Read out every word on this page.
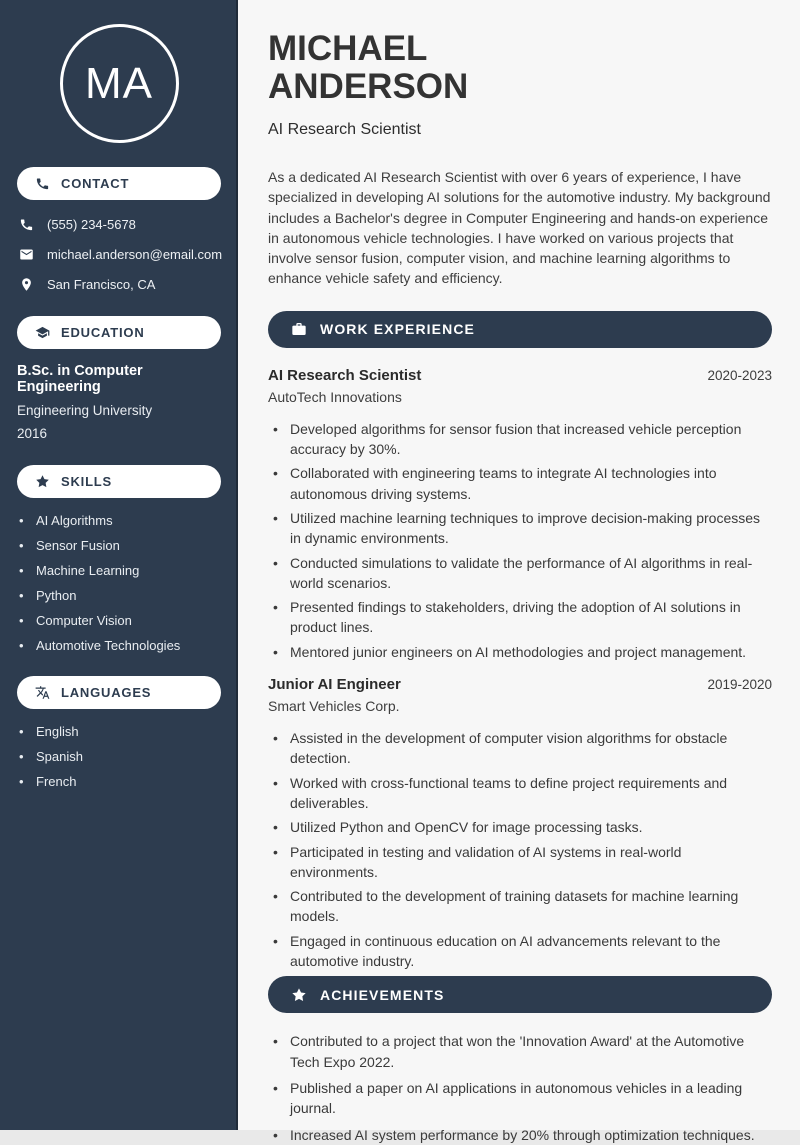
MA
CONTACT
(555) 234-5678
michael.anderson@email.com
San Francisco, CA
EDUCATION
B.Sc. in Computer Engineering
Engineering University
2016
SKILLS
• AI Algorithms
• Sensor Fusion
• Machine Learning
• Python
• Computer Vision
• Automotive Technologies
LANGUAGES
• English
• Spanish
• French
MICHAEL
ANDERSON
AI Research Scientist

As a dedicated AI Research Scientist with over 6 years of experience, I have specialized in developing AI solutions for the automotive industry. My background includes a Bachelor's degree in Computer Engineering and hands-on experience in autonomous vehicle technologies. I have worked on various projects that involve sensor fusion, computer vision, and machine learning algorithms to enhance vehicle safety and efficiency.

WORK EXPERIENCE
AI Research Scientist	2020-2023
AutoTech Innovations
• Developed algorithms for sensor fusion that increased vehicle perception accuracy by 30%.
• Collaborated with engineering teams to integrate AI technologies into autonomous driving systems.
• Utilized machine learning techniques to improve decision-making processes in dynamic environments.
• Conducted simulations to validate the performance of AI algorithms in real-world scenarios.
• Presented findings to stakeholders, driving the adoption of AI solutions in product lines.
• Mentored junior engineers on AI methodologies and project management.
Junior AI Engineer	2019-2020
Smart Vehicles Corp.
• Assisted in the development of computer vision algorithms for obstacle detection.
• Worked with cross-functional teams to define project requirements and deliverables.
• Utilized Python and OpenCV for image processing tasks.
• Participated in testing and validation of AI systems in real-world environments.
• Contributed to the development of training datasets for machine learning models.
• Engaged in continuous education on AI advancements relevant to the automotive industry.
ACHIEVEMENTS
• Contributed to a project that won the 'Innovation Award' at the Automotive Tech Expo 2022.
• Published a paper on AI applications in autonomous vehicles in a leading journal.
• Increased AI system performance by 20% through optimization techniques.
